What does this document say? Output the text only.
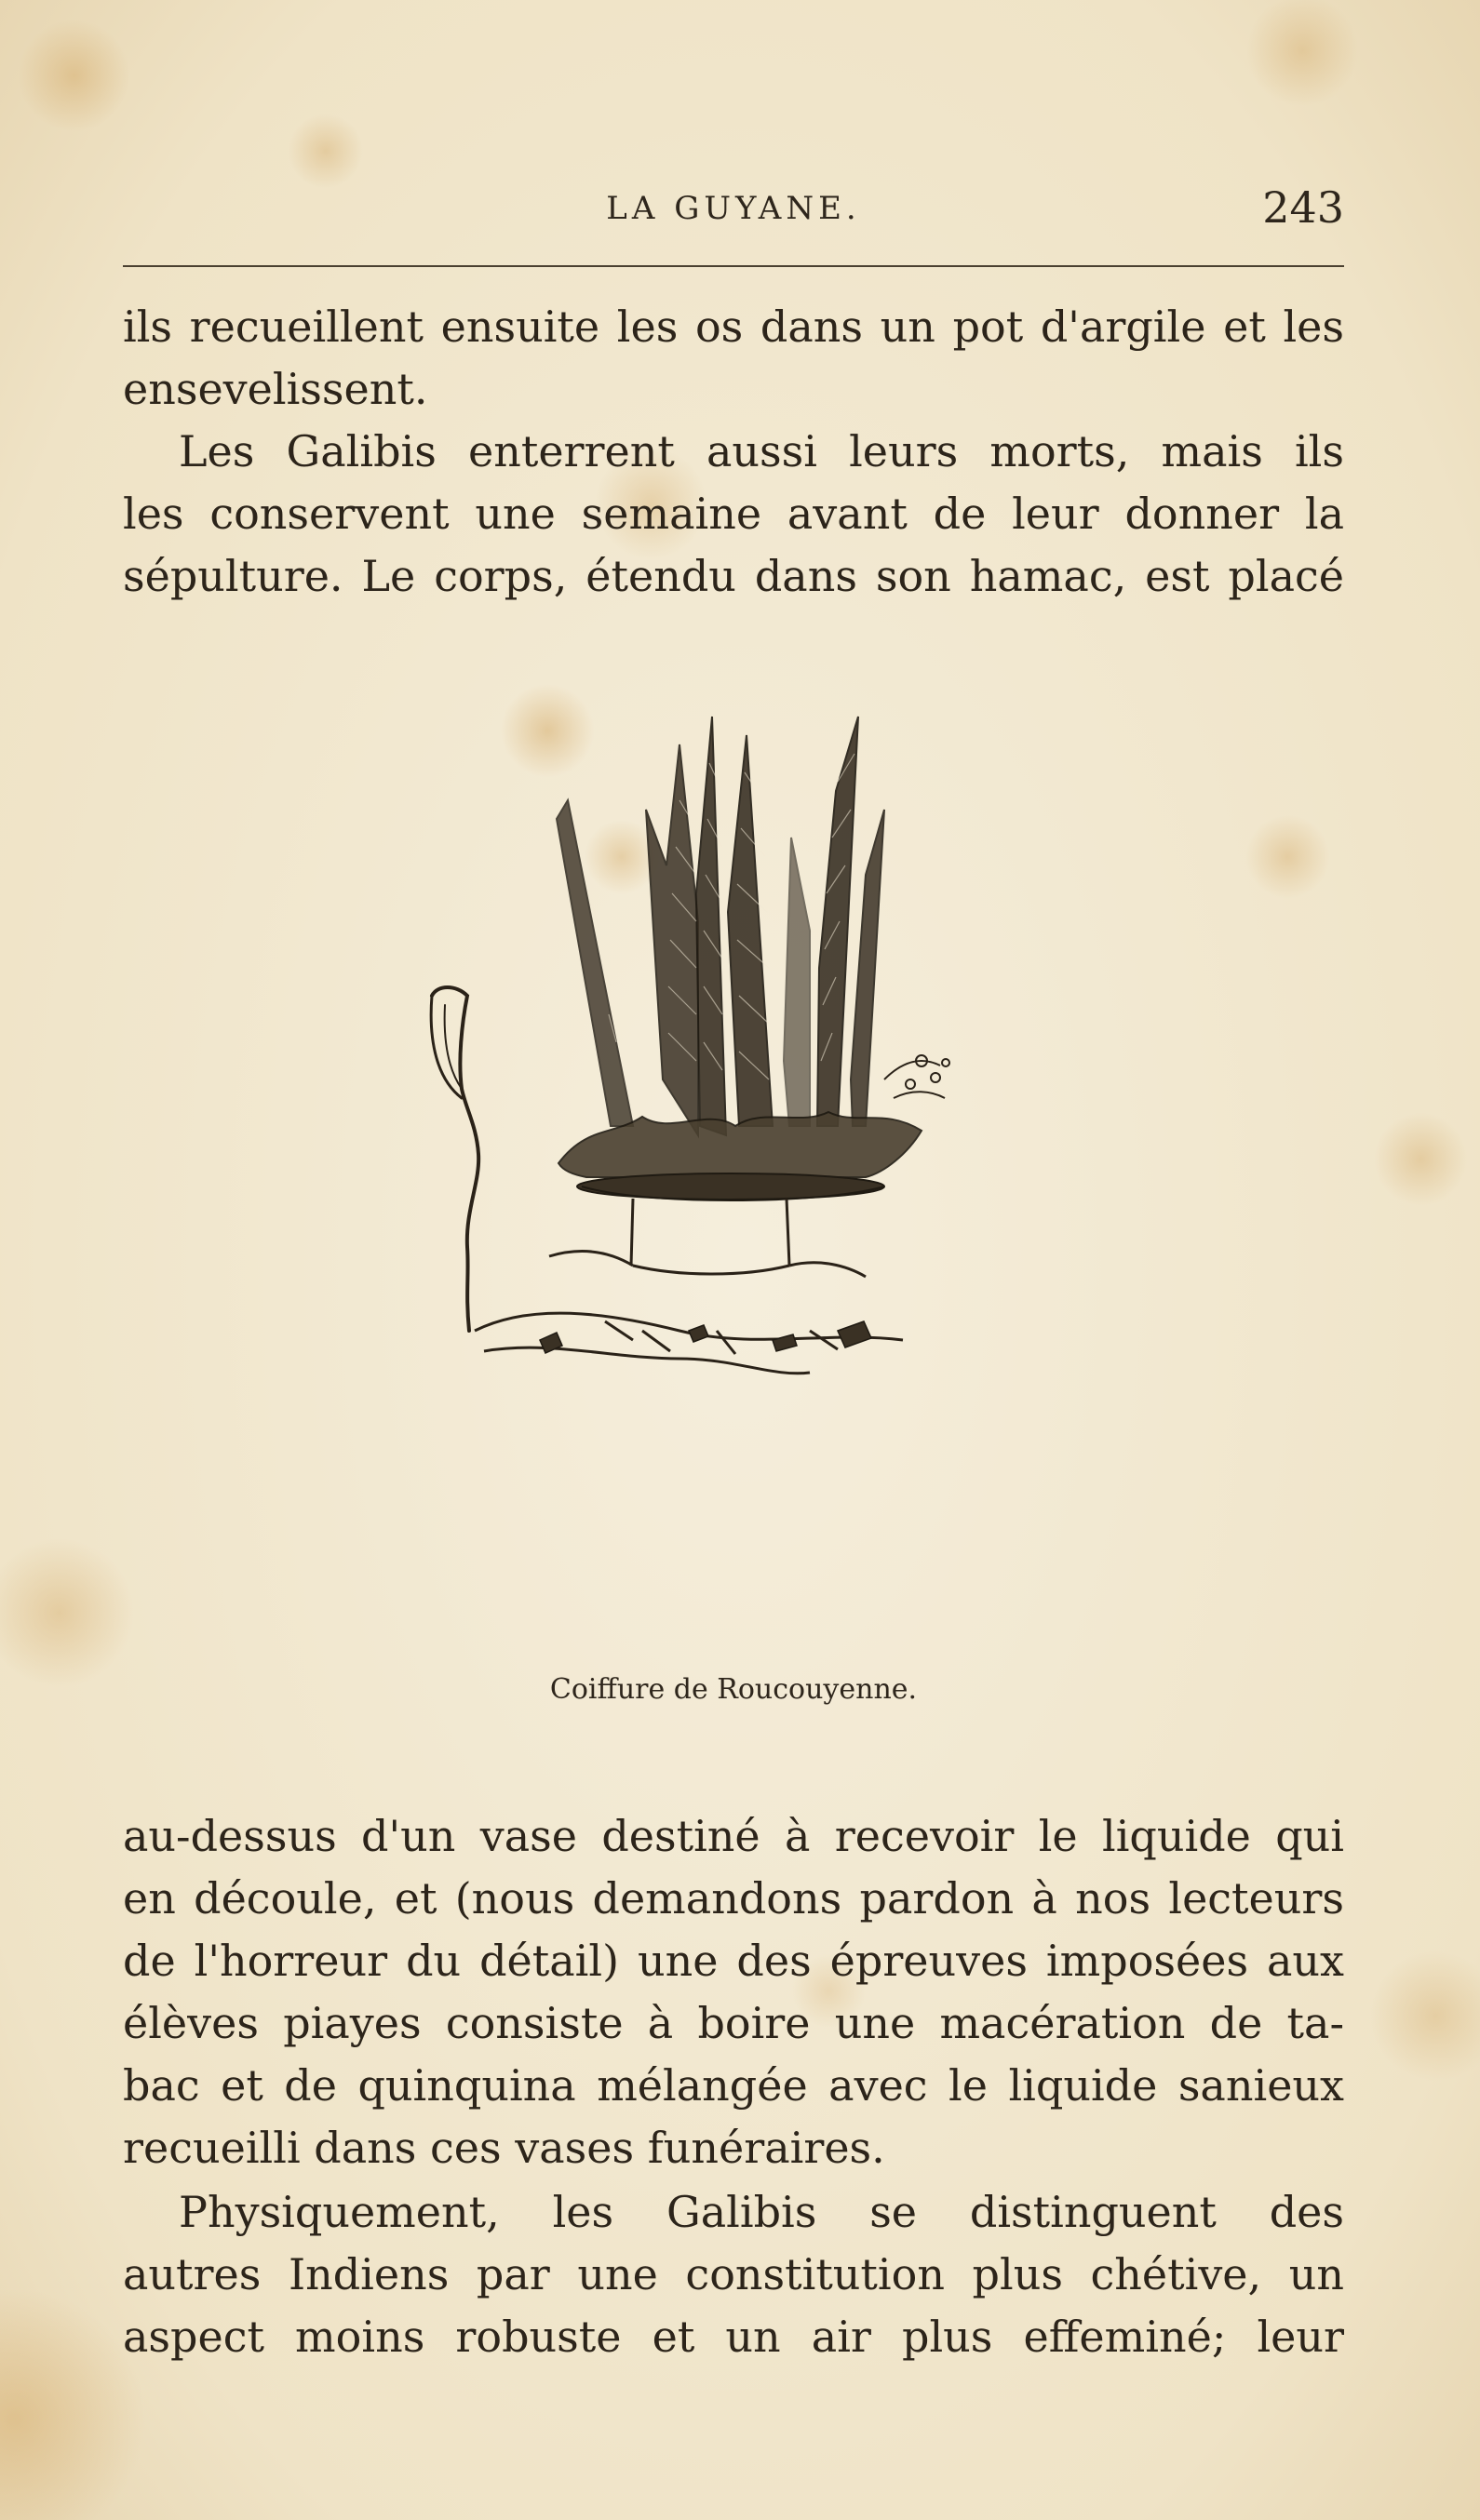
LA GUYANE.	243

ils recueillent ensuite les os dans un pot d'argile et les
ensevelissent.

Les Galibis enterrent aussi leurs morts, mais ils
les conservent une semaine avant de leur donner la
sépulture. Le corps, étendu dans son hamac, est placé

Coiffure de Roucouyenne.

au-dessus d'un vase destiné à recevoir le liquide qui
en découle, et (nous demandons pardon à nos lecteurs
de l'horreur du détail) une des épreuves imposées aux
élèves piayes consiste à boire une macération de ta-
bac et de quinquina mélangée avec le liquide sanieux
recueilli dans ces vases funéraires.

Physiquement, les Galibis se distinguent des
autres Indiens par une constitution plus chétive, un
aspect moins robuste et un air plus effeminé; leur
